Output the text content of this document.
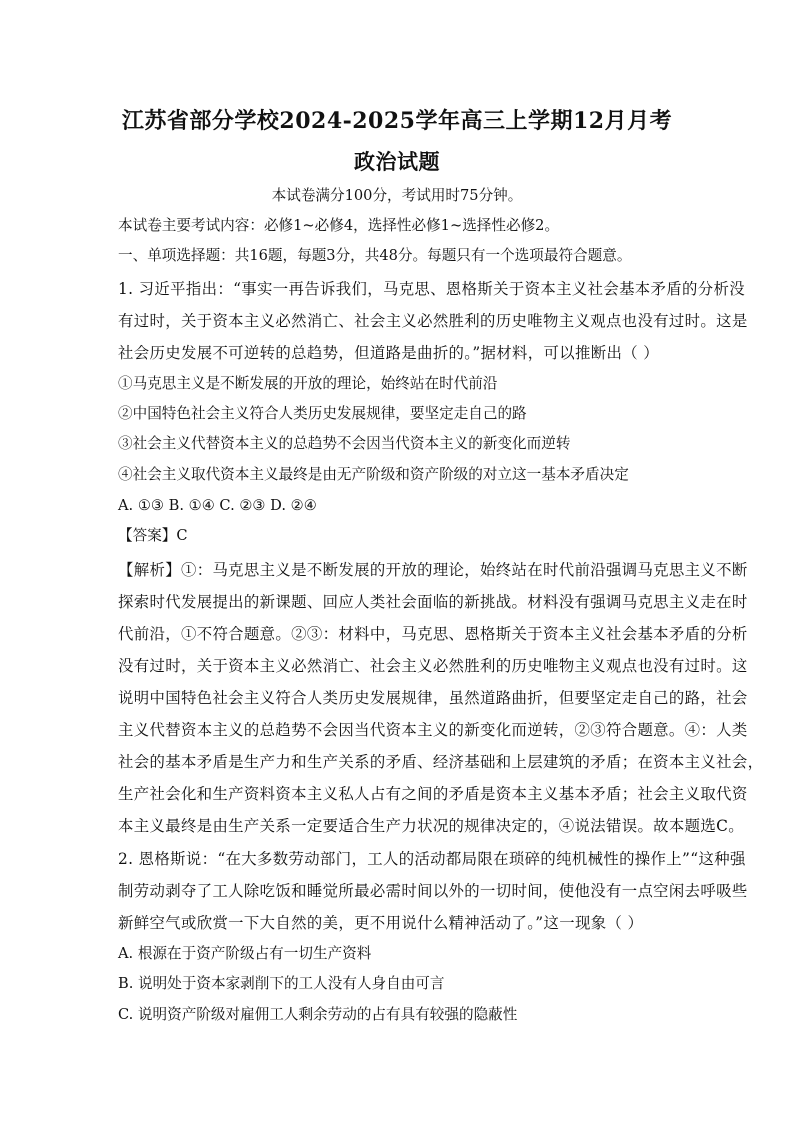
江苏省部分学校2024-2025学年高三上学期12月月考
政治试题
本试卷满分100分，考试用时75分钟。
本试卷主要考试内容：必修1~必修4，选择性必修1~选择性必修2。
一、单项选择题：共16题，每题3分，共48分。每题只有一个选项最符合题意。
1. 习近平指出：“事实一再告诉我们，马克思、恩格斯关于资本主义社会基本矛盾的分析没
有过时，关于资本主义必然消亡、社会主义必然胜利的历史唯物主义观点也没有过时。这是
社会历史发展不可逆转的总趋势，但道路是曲折的。”据材料，可以推断出（ ）
①马克思主义是不断发展的开放的理论，始终站在时代前沿
②中国特色社会主义符合人类历史发展规律，要坚定走自己的路
③社会主义代替资本主义的总趋势不会因当代资本主义的新变化而逆转
④社会主义取代资本主义最终是由无产阶级和资产阶级的对立这一基本矛盾决定
A. ①③ B. ①④ C. ②③ D. ②④
【答案】C
【解析】①：马克思主义是不断发展的开放的理论，始终站在时代前沿强调马克思主义不断
探索时代发展提出的新课题、回应人类社会面临的新挑战。材料没有强调马克思主义走在时
代前沿，①不符合题意。②③：材料中，马克思、恩格斯关于资本主义社会基本矛盾的分析
没有过时，关于资本主义必然消亡、社会主义必然胜利的历史唯物主义观点也没有过时。这
说明中国特色社会主义符合人类历史发展规律，虽然道路曲折，但要坚定走自己的路，社会
主义代替资本主义的总趋势不会因当代资本主义的新变化而逆转，②③符合题意。④：人类
社会的基本矛盾是生产力和生产关系的矛盾、经济基础和上层建筑的矛盾；在资本主义社会，
生产社会化和生产资料资本主义私人占有之间的矛盾是资本主义基本矛盾；社会主义取代资
本主义最终是由生产关系一定要适合生产力状况的规律决定的，④说法错误。故本题选C。
2. 恩格斯说：“在大多数劳动部门，工人的活动都局限在琐碎的纯机械性的操作上”“这种强
制劳动剥夺了工人除吃饭和睡觉所最必需时间以外的一切时间，使他没有一点空闲去呼吸些
新鲜空气或欣赏一下大自然的美，更不用说什么精神活动了。”这一现象（ ）
A. 根源在于资产阶级占有一切生产资料
B. 说明处于资本家剥削下的工人没有人身自由可言
C. 说明资产阶级对雇佣工人剩余劳动的占有具有较强的隐蔽性
